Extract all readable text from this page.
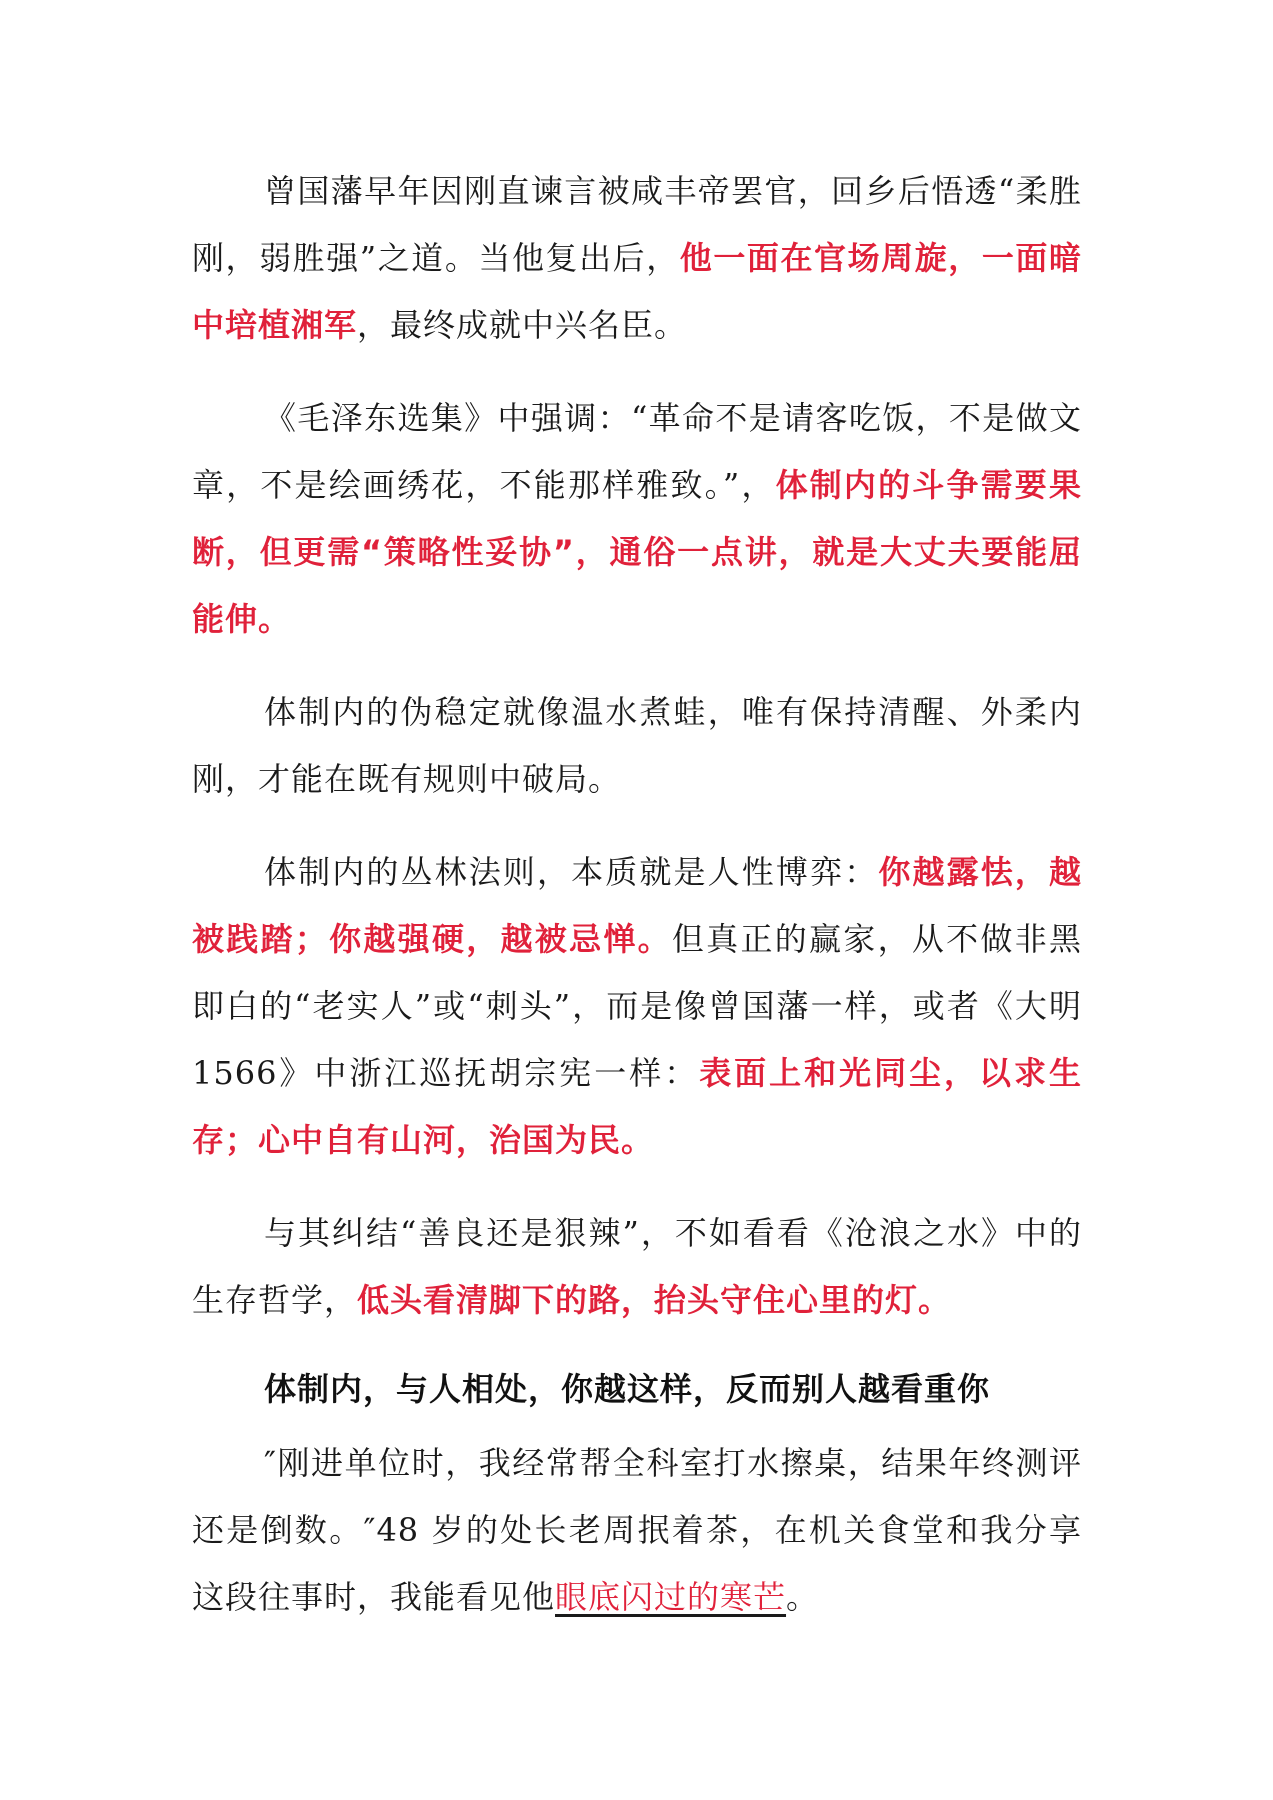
曾国藩早年因刚直谏言被咸丰帝罢官，回乡后悟透“柔胜刚，弱胜强”之道。当他复出后，他一面在官场周旋，一面暗中培植湘军，最终成就中兴名臣。

《毛泽东选集》中强调：“革命不是请客吃饭，不是做文章，不是绘画绣花，不能那样雅致。”，体制内的斗争需要果断，但更需“策略性妥协”，通俗一点讲，就是大丈夫要能屈能伸。

体制内的伪稳定就像温水煮蛙，唯有保持清醒、外柔内刚，才能在既有规则中破局。

体制内的丛林法则，本质就是人性博弈：你越露怯，越被践踏；你越强硬，越被忌惮。但真正的赢家，从不做非黑即白的“老实人”或“刺头”，而是像曾国藩一样，或者《大明 1566》中浙江巡抚胡宗宪一样：表面上和光同尘，以求生存；心中自有山河，治国为民。

与其纠结“善良还是狠辣”，不如看看《沧浪之水》中的生存哲学，低头看清脚下的路，抬头守住心里的灯。

体制内，与人相处，你越这样，反而别人越看重你

″刚进单位时，我经常帮全科室打水擦桌，结果年终测评还是倒数。″48 岁的处长老周抿着茶，在机关食堂和我分享这段往事时，我能看见他眼底闪过的寒芒。
